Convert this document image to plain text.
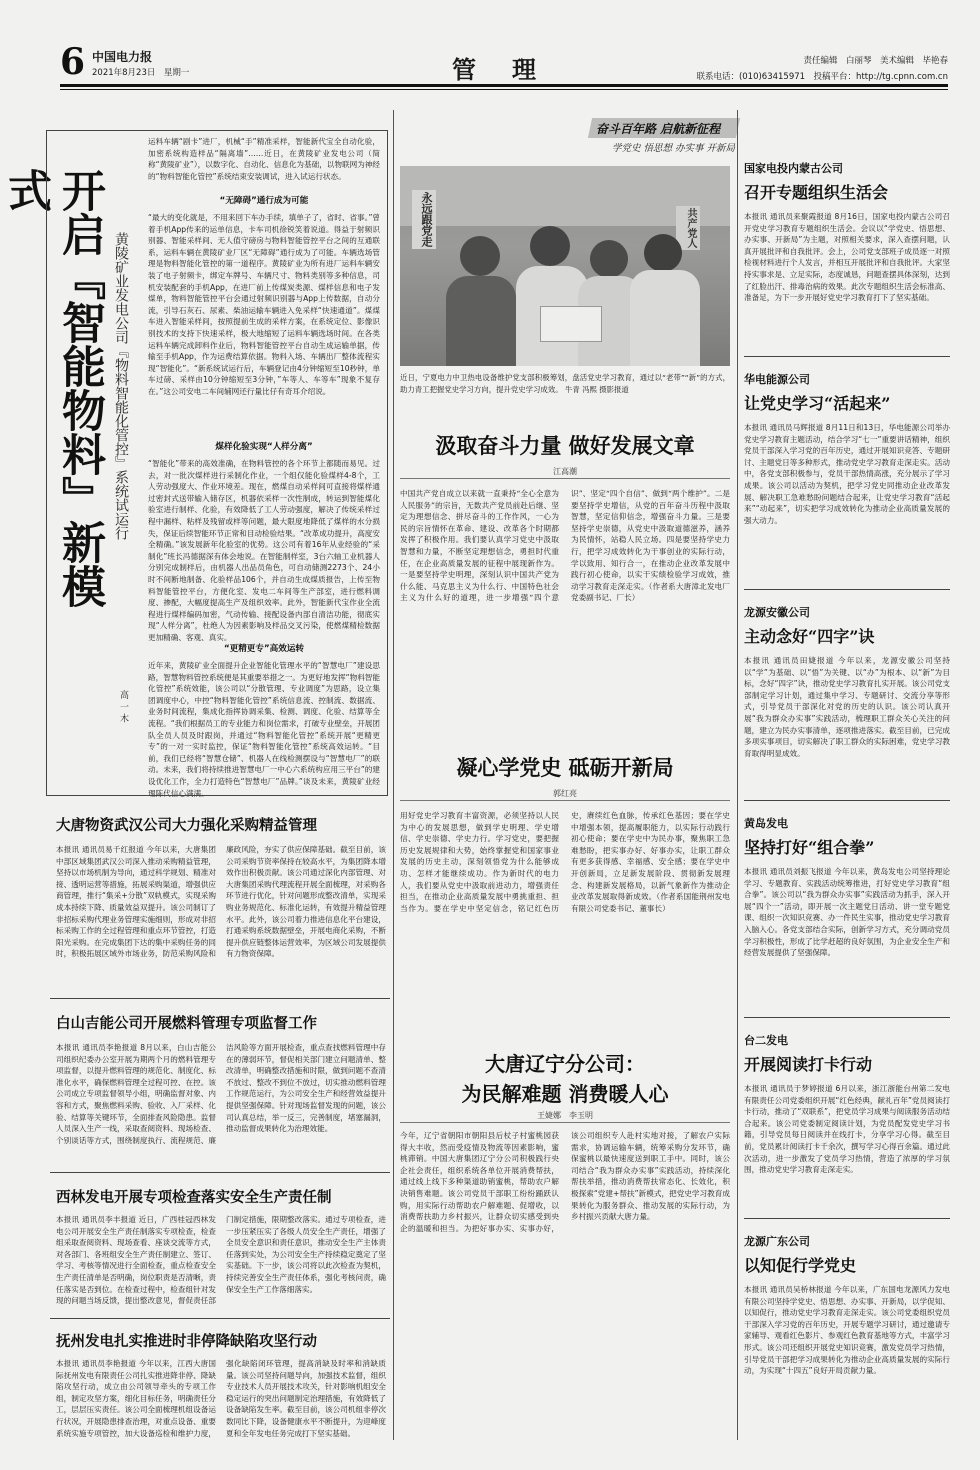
6 中国电力报
2021年8月23日　星期一	管　理	责任编辑　白丽琴　美术编辑　毕艳春
联系电话：(010)63415971　投稿平台：http://tg.cpnn.com.cn
开启『智能物料』新模式
黄陵矿业发电公司『物料智能化管控』系统试运行
高 一 木
运料车辆“剧卡”进厂，机械“手”精准采样，智能新代宝全自动化验，加密系统构造样品“隔离墙”……近日，在黄陵矿业发电公司（简称“黄陵矿业”），以数字化、自动化、信息化为基础，以物联网为神经的“物料智能化管控”系统结束安装调试，进入试运行状态。
“无障碍”通行成为可能
“最大的变化就是，不用来回下车办手续，填单子了，省时、省事。”曾着手机App传来的运单信息，卡车司机徐锐笑着说道。得益于射频识别器、智能采样间、无人值守磅房与物料智能管控平台之间的互通联系，运料车辆在黄陵矿业厂区“无障碍”通行成为了可能。车辆选场管理是物料智能化管控的第一道程序。黄陵矿业为所有进厂运料车辆安装了电子射频卡，绑定车牌号、车辆尺寸、物料类别等多种信息，司机安装配套的手机App，在进厂前上传煤炭类源、煤样信息和电子发煤单，物料智能管控平台会通过射频识别器与App上传数据，自动分流，引导石灰石、尿素、柴油运输车辆进入免采样“快速通道”。煤煤车进入智能采样间，按照提前生成的采样方案，在系统定位、影像识别技术的支持下快速采样，极大地缩短了运料车辆选场时间。在各类运料车辆完成卸料作业后，物料智能管控平台自动生成运输单据，传输至手机App，作为运费结算依据。物料入场、车辆出厂整体流程实现“智能化”。“新系统试运行后，车辆登记由4分钟缩短至10秒钟，单车过磅、采样由10分钟缩短至3分钟，”车等人、车等车”现象不复存在。”这公司安电二车间辅网还行量比仔有奇耳介绍说。
煤样化验实现“人样分离”
“智能化”带来的高效准确，在物料管控的各个环节上都随而易见。过去，对一批次煤样进行采制化作业，一个组仅能化验煤样4-8个，工人劳动强度大、作业环境差。现在，燃煤自动采样间可直接将煤样通过密封式送带输入储存区，机器依采样一次性制成，转运到智能煤化验室进行制样、化验，有效降低了工人劳动强度，解决了传统采样过程中漏样、粘样及残留或样等问题，最大限度地降低了煤样的水分损失，保证后续智能环节正常和目动检验结果。“改革成功提升，高度安全精确。”该发展新年化验室的优势。这公司有着16年从业经验的“采制化”班长冯德据深有体会地说。在智能制样室，3台六轴工业机器人分别完成制样后，由机器人出品员角色，可自动储测2273个、24小时不间断地制备、化验样品106个，并自动生成煤质报告，上传至物料智能管控平台，方便化室、发电二车间等生产部室，进行燃料调度、掺配，大幅度提高生产及组织效率。此外，智能新代宝作业全流程进行煤样编码加密，气动传输、接配设备内部自清洁功能，彻底实现“人样分离”，杜绝人为因素影响及样品交叉污染，使燃煤精检数据更加精确、客观、真实。
“更精更专”高效运转
近年来，黄陵矿业全面提升企业智能化管理水平的“智慧电厂”建设思路，智慧物料管控系统便是其重要举措之一。为更好地发挥“物料智能化管控”系统效能，该公司以“分散管理、专业调度”为思路，设立集团调度中心，中控“物料智能化管控”系统信息流、控制流、数据流、业务时间流程，集成化指挥协调采集、检测、调度、化验、结算等全流程。“我们根据员工的专业能力和岗位需求，打破专业壁垒，开展团队全员人员及时跟岗，并通过“物料智能化管控”系统开展“更精更专”的一对一实时监控，保证“物料智能化管控”系统高效运转。“目前，我们已经将“智慧仓储”、机器人在线检测摆设与“智慧电厂”的联动。未来，我们将持续推进智慧电厂一中心六系统构应用三平台”的建设优化工作，全力打造特色“智慧电厂”品牌。”谈及未来，黄陵矿业经理陈代信心满满。
奋斗百年路 启航新征程
学党史 悟思想 办实事 开新局
永远跟党走	共产党人
近日，宁夏电力中卫热电设备维护党支部积极筹划，盘活党史学习教育，通过以“老带”“新”的方式，助力青工把握党史学习方向，提升党史学习成效。 牛青 冯熙 摄影报道
汲取奋斗力量 做好发展文章
江高潮
中国共产党自成立以来就一直秉持“全心全意为人民服务”的宗旨，无数共产党员前赴后继、坚定为理想信念、拼尽奋斗的工作作风，一心为民的宗旨情怀在革命、建设、改革各个时期都发挥了积极作用。我们要认真学习党史中汲取智慧和力量，不断坚定理想信念，勇担时代重任，在企业高质量发展的征程中展现新作为。一是要坚持学史明理，深刻认识中国共产党为什么能、马克思主义为什么行、中国特色社会主义为什么好的道理，进一步增强“四个意识”、坚定“四个自信”、做到“两个维护”。二是要坚持学史增信，从党的百年奋斗历程中汲取智慧，坚定信仰信念，增强奋斗力量。三是要坚持学史崇德，从党史中汲取道德滋养，涵养为民情怀，站稳人民立场。四是要坚持学史力行，把学习成效转化为干事创业的实际行动，学以致用、知行合一，在推动企业改革发展中践行初心使命，以实干实绩检验学习成效，推动学习教育走深走实。（作者系大唐漳北发电厂党委副书记、厂长）
凝心学党史 砥砺开新局
郭红亮
用好党史学习教育丰富资源，必须坚持以人民为中心的发展思想，做到学史明理、学史增信、学史崇德、学史力行。学习党史，要把握历史发展规律和大势，始终掌握党和国家事业发展的历史主动，深刻领悟党为什么能够成功、怎样才能继续成功。作为新时代的电力人，我们要从党史中汲取前进动力，增强责任担当，在推动企业高质量发展中勇挑重担、担当作为。要在学史中坚定信念，铭记红色历史，赓续红色血脉，传承红色基因；要在学史中增强本领，提高履职能力，以实际行动践行初心使命；要在学史中为民办事，聚焦职工急难愁盼，把实事办好、好事办实，让职工群众有更多获得感、幸福感、安全感；要在学史中开创新局，立足新发展阶段、贯彻新发展理念、构建新发展格局，以新气象新作为推动企业改革发展取得新成效。（作者系国能荆州发电有限公司党委书记、董事长）
大唐辽宁分公司：
为民解难题 消费暖人心
王婕娜　李玉明
今年，辽宁省朝阳市朝阳县后杖子村蜜桃园获得大丰收，然而受疫情及物流等因素影响，蜜桃滞销。中国大唐集团辽宁分公司积极践行央企社会责任，组织系统各单位开展消费帮扶，通过线上线下多种渠道助销蜜桃，帮助农户解决销售难题。该公司党员干部职工纷纷踊跃认购，用实际行动帮助农户解难题、促增收，以消费帮扶助力乡村振兴，让群众切实感受到央企的温暖和担当。为把好事办实、实事办好，该公司组织专人赴村实地对接，了解农户实际需求，协调运输车辆，统筹采购分发环节，确保蜜桃以最快速度送到职工手中。同时，该公司结合“我为群众办实事”实践活动，持续深化帮扶举措，推动消费帮扶常态化、长效化，积极探索“党建+帮扶”新模式，把党史学习教育成果转化为服务群众、推动发展的实际行动，为乡村振兴贡献大唐力量。
大唐物资武汉公司大力强化采购精益管理
本报讯 通讯员易千红报道 今年以来，大唐集团中部区域集团武汉公司深入推动采购精益管理，坚持以市场机制为导向，通过科学规划、精准对接、透明运营等措施，拓展采购渠道，增强供应商管理，推行“集采+分散”双轨模式，实现采购成本持续下降、质量效益双提升。该公司制订了非招标采购代理业务管理实施细则，形成对非招标采购工作的全过程管理和重点环节管控，打造阳光采购。在完成集团下达的集中采购任务的同时，积极拓展区域外市场业务，防范采购风险和廉政风险，夯实了供应保障基础。截至目前，该公司采购节资率保持在较高水平，为集团降本增效作出积极贡献。该公司通过深化内部管理、对大唐集团采购代理流程开展全面梳理，对采购各环节进行优化，针对问题形成整改清单，实现采购业务规范化、标准化运转，有效提升精益管理水平。此外，该公司着力推进信息化平台建设，打通采购系统数据壁垒，开展电商化采购，不断提升供应链整体运营效率，为区域公司发展提供有力物资保障。
白山吉能公司开展燃料管理专项监督工作
本报讯 通讯员李艳报道 8月以来，白山吉能公司组织纪委办公室开展为期两个月的燃料管理专项监督，以提升燃料管理的规范化、制度化、标准化水平，确保燃料管理全过程可控、在控。该公司成立专项监督领导小组，明确监督对象、内容和方式，聚焦燃料采购、验收、入厂采样、化验、结算等关键环节，全面排查风险隐患。监督人员深入生产一线，采取查阅资料、现场检查、个别谈话等方式，围绕制度执行、流程规范、廉洁风险等方面开展检查，重点查找燃料管理中存在的薄弱环节，督促相关部门建立问题清单、整改清单，明确整改措施和时限，做到问题不查清不放过、整改不到位不放过，切实推动燃料管理工作规范运行，为公司安全生产和经营效益提升提供坚强保障。针对现场监督发现的问题，该公司认真总结，举一反三，完善制度，堵塞漏洞，推动监督成果转化为治理效能。
西林发电开展专项检查落实安全生产责任制
本报讯 通讯员李丰报道 近日，广西桂冠西林发电公司开展安全生产责任制落实专项检查，检查组采取查阅资料、现场查看、座谈交流等方式，对各部门、各班组安全生产责任制建立、签订、学习、考核等情况进行全面检查，重点检查安全生产责任清单是否明确，岗位职责是否清晰，责任落实是否到位。在检查过程中，检查组针对发现的问题当场反馈，提出整改意见，督促责任部门制定措施，限期整改落实。通过专项检查，进一步压紧压实了各级人员安全生产责任，增强了全员安全意识和责任意识，推动安全生产主体责任落到实处，为公司安全生产持续稳定奠定了坚实基础。下一步，该公司将以此次检查为契机，持续完善安全生产责任体系，强化考核问责，确保安全生产工作落细落实。
抚州发电扎实推进时非停降缺陷攻坚行动
本报讯 通讯员李艳报道 今年以来，江西大唐国际抚州发电有限责任公司扎实推进降非停、降缺陷攻坚行动，成立由公司领导牵头的专项工作组，制定攻坚方案，细化目标任务，明确责任分工，层层压实责任。该公司全面梳理机组设备运行状况，开展隐患排查治理，对重点设备、重要系统实施专项管控，加大设备巡检和维护力度，强化缺陷闭环管理，提高消缺及时率和消缺质量。该公司坚持问题导向，加强技术监督，组织专业技术人员开展技术攻关，针对影响机组安全稳定运行的突出问题制定治理措施，有效降低了设备缺陷发生率。截至目前，该公司机组非停次数同比下降，设备健康水平不断提升，为迎峰度夏和全年发电任务完成打下坚实基础。
国家电投内蒙古公司
召开专题组织生活会
本报讯 通讯员来聚霞报道 8月16日，国家电投内蒙古公司召开党史学习教育专题组织生活会。会议以“学党史、悟思想、办实事、开新局”为主题，对照相关要求，深入查摆问题，认真开展批评和自我批评。会上，公司党支部班子成员逐一对照检视材料进行个人发言，并相互开展批评和自我批评。大家坚持实事求是、立足实际，态度诚恳，问题查摆具体深刻，达到了红脸出汗、排毒治病的效果。此次专题组织生活会标准高、准备足，为下一步开展好党史学习教育打下了坚实基础。
华电能源公司
让党史学习“活起来”
本报讯 通讯员马辉报道 8月11日和13日，华电能源公司举办党史学习教育主题活动，结合学习“七一”重要讲话精神，组织党员干部深入学习党的百年历史，通过开展知识竞答、专题研讨、主题党日等多种形式，推动党史学习教育走深走实。活动中，各党支部积极参与，党员干部热情高涨，充分展示了学习成果。该公司以活动为契机，把学习党史同推动企业改革发展、解决职工急难愁盼问题结合起来，让党史学习教育“活起来”“动起来”，切实把学习成效转化为推动企业高质量发展的强大动力。
龙源安徽公司
主动念好“四字”诀
本报讯 通讯员田婕报道 今年以来，龙源安徽公司坚持以“学”为基础、以“悟”为关键、以“办”为根本、以“新”为目标，念好“四字”诀，推动党史学习教育扎实开展。该公司党支部制定学习计划，通过集中学习、专题研讨、交流分享等形式，引导党员干部深化对党的历史的认识。该公司认真开展“我为群众办实事”实践活动，梳理职工群众关心关注的问题，建立为民办实事清单，逐项推进落实。截至目前，已完成多项实事项目，切实解决了职工群众的实际困难，党史学习教育取得明显成效。
黄岛发电
坚持打好“组合拳”
本报讯 通讯员刘振飞报道 今年以来，黄岛发电公司坚持理论学习、专题教育、实践活动统筹推进，打好党史学习教育“组合拳”。该公司以“我为群众办实事”实践活动为抓手，深入开展“四个一”活动，即开展一次主题党日活动、讲一堂专题党课、组织一次知识竞赛、办一件民生实事，推动党史学习教育入脑入心。各党支部结合实际，创新学习方式，充分调动党员学习积极性，形成了比学赶超的良好氛围，为企业安全生产和经营发展提供了坚强保障。
台二发电
开展阅读打卡行动
本报讯 通讯员于梦婷报道 6月以来，浙江浙能台州第二发电有限责任公司党委组织开展“红色经典，献礼百年”党员阅读打卡行动，推动了“双联系”，把党员学习成果与阅读服务活动结合起来。该公司党委制定阅读计划，为党员配发党史学习书籍，引导党员每日阅读并在线打卡，分享学习心得。截至目前，党员累计阅读打卡千余次，撰写学习心得百余篇。通过此次活动，进一步激发了党员学习热情，营造了浓厚的学习氛围，推动党史学习教育走深走实。
龙源广东公司
以知促行学党史
本报讯 通讯员吴桥林报道 今年以来，广东国电龙源风力发电有限公司坚持学党史、悟思想、办实事、开新局，以学促知、以知促行，推动党史学习教育走深走实。该公司党委组织党员干部深入学习党的百年历史，开展专题学习研讨，通过邀请专家辅导、观看红色影片、参观红色教育基地等方式，丰富学习形式。该公司还组织开展党史知识竞赛，激发党员学习热情，引导党员干部把学习成果转化为推动企业高质量发展的实际行动，为实现“十四五”良好开局贡献力量。
